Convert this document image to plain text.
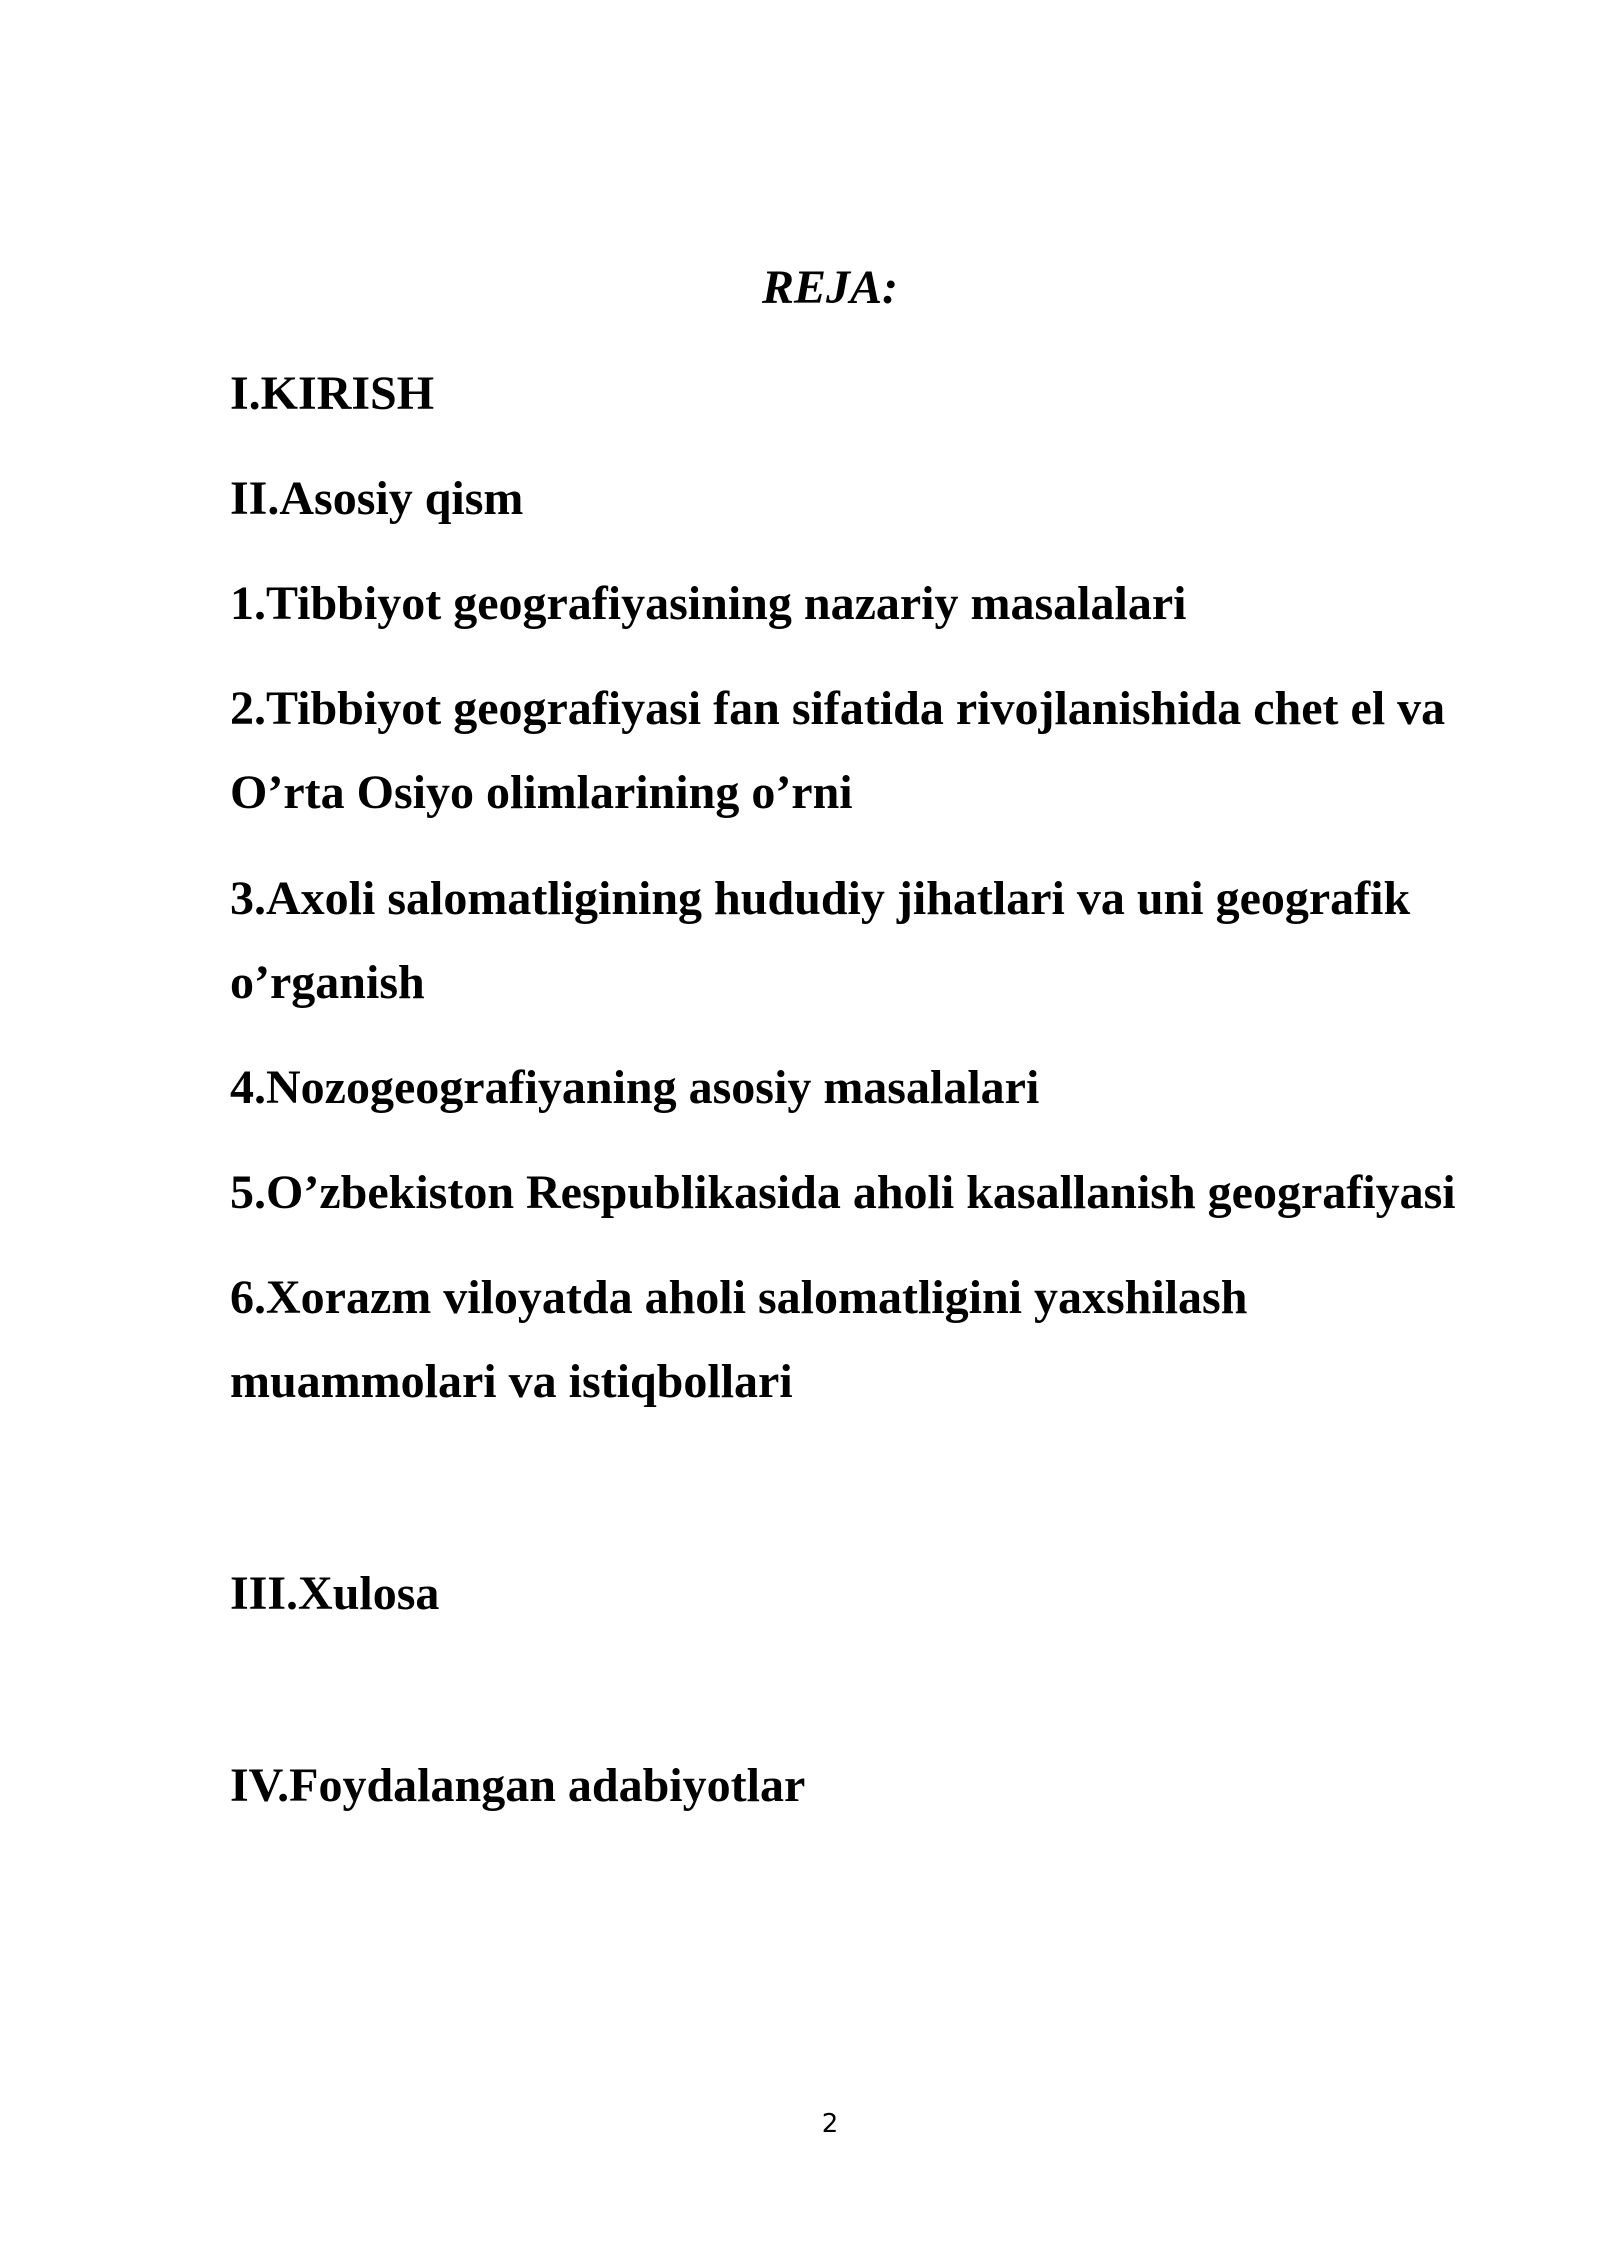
REJA:
I.KIRISH
II.Asosiy qism
1.Tibbiyot geografiyasining nazariy masalalari
2.Tibbiyot geografiyasi fan sifatida rivojlanishida chet el va
O’rta Osiyo olimlarining o’rni
3.Axoli salomatligining hududiy jihatlari va uni geografik
o’rganish
4.Nozogeografiyaning asosiy masalalari
5.O’zbekiston Respublikasida aholi kasallanish geografiyasi
6.Xorazm viloyatda aholi salomatligini yaxshilash
muammolari va istiqbollari
III.Xulosa
IV.Foydalangan adabiyotlar
2
